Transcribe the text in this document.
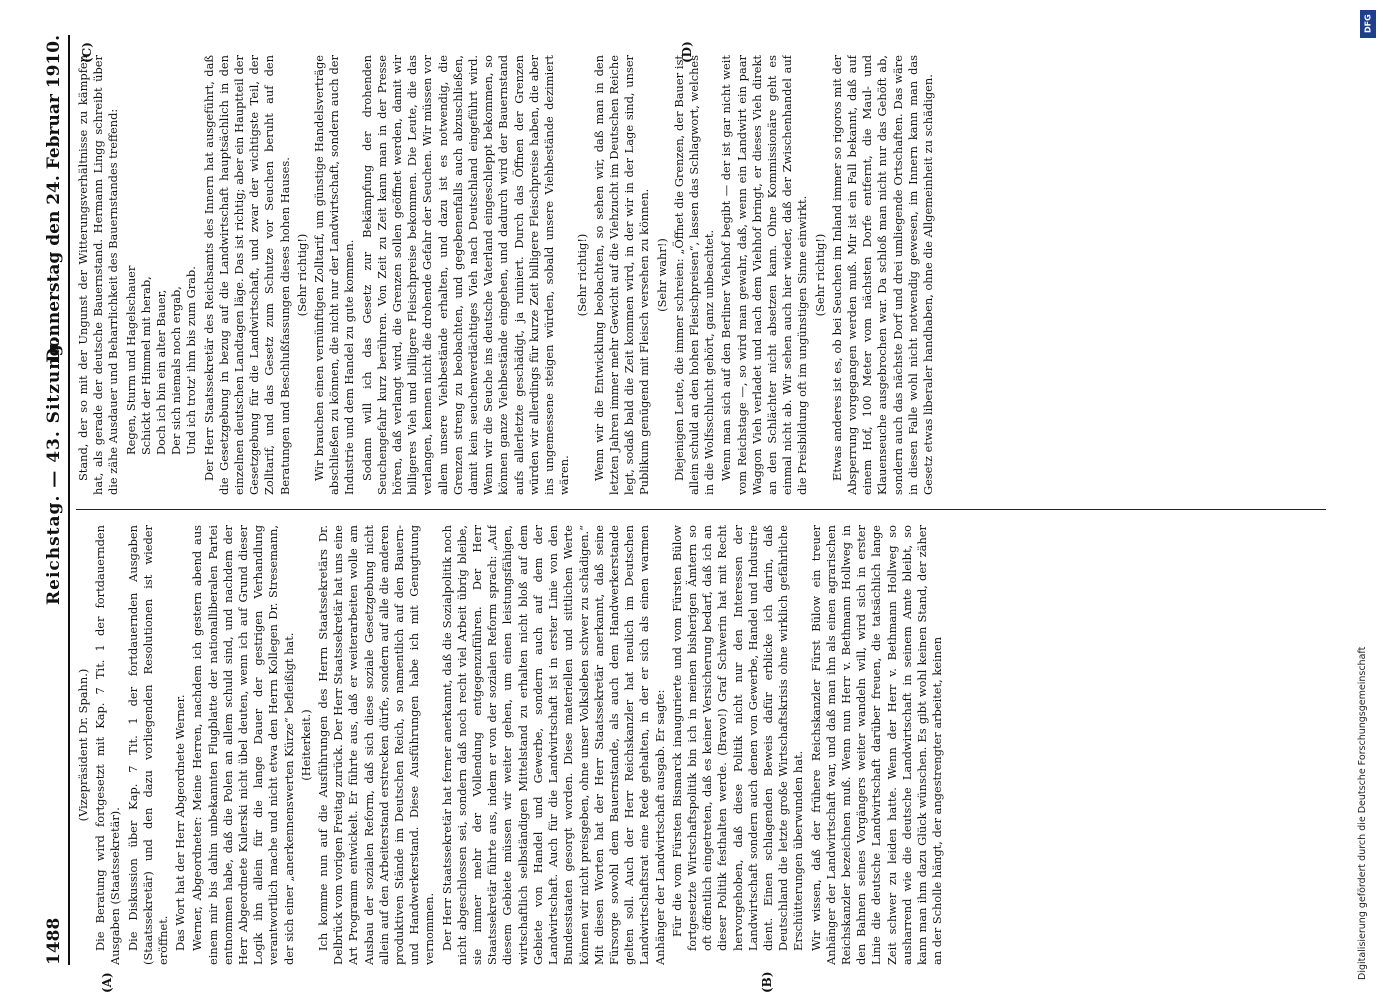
1488
Reichstag. — 43. Sitzung.
Donnerstag den 24. Februar 1910.

(Vizepräsident Dr. Spahn.) Die Beratung wird fortgesetzt mit Kap. 7 Tit. 1 der fortdauernden Ausgaben (Staatssekretär). Die Diskussion über Kap. 7 Tit. 1 der fortdauernden Ausgaben (Staatssekretär) und den dazu vorliegenden Resolutionen ist wieder eröffnet. Das Wort hat der Herr Abgeordnete Werner. Werner, Abgeordneter: Meine Herren, nachdem ich gestern abend aus einem mir bis dahin unbekannten Flugblatte der nationalliberalen Partei entnommen habe, daß die Polen an allem schuld sind, und nachdem der Herr Abgeordnete Kulerski nicht übel deuten, wenn ich auf Grund dieser Logik ihn allein für die lange Dauer der gestrigen Verhandlung verantwortlich mache und nicht etwa den Herrn Kollegen Dr. Stresemann, der sich einer „anerkennenswerten Kürze“ befleißigt hat. (Heiterkeit.) Ich komme nun auf die Ausführungen des Herrn Staatssekretärs Dr. Delbrück vom vorigen Freitag zurück. Der Herr Staatssekretär hat uns eine Art Programm entwickelt. Er führte aus, daß er weiterarbeiten wolle am Ausbau der sozialen Reform, daß sich diese soziale Gesetzgebung nicht allein auf den Arbeiterstand erstrecken dürfe, sondern auf alle die anderen produktiven Stände im Deutschen Reich, so namentlich auf den Bauern- und Handwerkerstand. Diese Ausführungen habe ich mit Genugtuung vernommen. Der Herr Staatssekretär hat ferner anerkannt, daß die Sozialpolitik noch nicht abgeschlossen sei, sondern daß noch recht viel Arbeit übrig bleibe, sie immer mehr der Vollendung entgegenzuführen. Der Herr Staatssekretär führte aus, indem er von der sozialen Reform sprach: „Auf diesem Gebiete müssen wir weiter gehen, um einen leistungsfähigen, wirtschaftlich selbständigen Mittelstand zu erhalten nicht bloß auf dem Gebiete von Handel und Gewerbe, sondern auch auf dem der Landwirtschaft. Auch für die Landwirtschaft ist in erster Linie von den Bundesstaaten gesorgt worden. Diese materiellen und sittlichen Werte können wir nicht preisgeben, ohne unser Volksleben schwer zu schädigen.“ Mit diesen Worten hat der Herr Staatssekretär anerkannt, daß seine Fürsorge sowohl dem Bauernstande, als auch dem Handwerkerstande gelten soll. Auch der Herr Reichskanzler hat neulich im Deutschen Landwirtschaftsrat eine Rede gehalten, in der er sich als einen warmen Anhänger der Landwirtschaft ausgab. Er sagte: Für die vom Fürsten Bismarck inaugurierte und vom Fürsten Bülow fortgesetzte Wirtschaftspolitik bin ich in meinen bisherigen Ämtern so oft öffentlich eingetreten, daß es keiner Versicherung bedarf, daß ich an dieser Politik festhalten werde. (Bravo!) Graf Schwerin hat mit Recht hervorgehoben, daß diese Politik nicht nur den Interessen der Landwirtschaft sondern auch denen von Gewerbe, Handel und Industrie dient. Einen schlagenden Beweis dafür erblicke ich darin, daß Deutschland die letzte große Wirtschaftskrisis ohne wirklich gefährliche Erschütterungen überwunden hat. Wir wissen, daß der frühere Reichskanzler Fürst Bülow ein treuer Anhänger der Landwirtschaft war, und daß man ihn als einen agrarischen Reichskanzler bezeichnen muß. Wenn nun Herr v. Bethmann Hollweg in den Bahnen seines Vorgängers weiter wandeln will, wird sich in erster Linie die deutsche Landwirtschaft darüber freuen, die tatsächlich lange Zeit schwer zu leiden hatte. Wenn der Herr v. Bethmann Hollweg so ausharrend wie die deutsche Landwirtschaft in seinem Amte bleibt, so kann man ihm dazu Glück wünschen. Es gibt wohl keinen Stand, der zäher an der Scholle hängt, der angestrengter arbeitet, keinen

Stand, der so mit der Ungunst der Witterungsverhältnisse zu kämpfen hat, als gerade der deutsche Bauernstand. Hermann Lingg schreibt über die zähe Ausdauer und Beharrlichkeit des Bauernstandes treffend: Regen, Sturm und Hagelschauer Schickt der Himmel mit herab, Doch ich bin ein alter Bauer, Der sich niemals noch ergab, Und ich trotz' ihm bis zum Grab. Der Herr Staatssekretär des Reichsamts des Innern hat ausgeführt, daß die Gesetzgebung in bezug auf die Landwirtschaft hauptsächlich in den einzelnen deutschen Landtagen läge. Das ist richtig; aber ein Hauptteil der Gesetzgebung für die Landwirtschaft, und zwar der wichtigste Teil, der Zolltarif, und das Gesetz zum Schutze vor Seuchen beruht auf den Beratungen und Beschlußfassungen dieses hohen Hauses. (Sehr richtig!) Wir brauchen einen vernünftigen Zolltarif, um günstige Handelsverträge abschließen zu können, die nicht nur der Landwirtschaft, sondern auch der Industrie und dem Handel zu gute kommen. Sodann will ich das Gesetz zur Bekämpfung der drohenden Seuchengefahr kurz berühren. Von Zeit zu Zeit kann man in der Presse hören, daß verlangt wird, die Grenzen sollen geöffnet werden, damit wir billigeres Vieh und billigere Fleischpreise bekommen. Die Leute, die das verlangen, kennen nicht die drohende Gefahr der Seuchen. Wir müssen vor allem unsere Viehbestände erhalten, und dazu ist es notwendig, die Grenzen streng zu beobachten, und gegebenenfalls auch abzuschließen, damit kein seuchenverdächtiges Vieh nach Deutschland eingeführt wird. Wenn wir die Seuche ins deutsche Vaterland eingeschleppt bekommen, so können ganze Viehbestände eingehen, und dadurch wird der Bauernstand aufs allerletzte geschädigt, ja ruiniert. Durch das Öffnen der Grenzen würden wir allerdings für kurze Zeit billigere Fleischpreise haben, die aber ins ungemessene steigen würden, sobald unsere Viehbestände dezimiert wären.

(Sehr richtig!) Wenn wir die Entwicklung beobachten, so sehen wir, daß man in den letzten Jahren immer mehr Gewicht auf die Viehzucht im Deutschen Reiche legt, sodaß bald die Zeit kommen wird, in der wir in der Lage sind, unser Publikum genügend mit Fleisch versehen zu können. (Sehr wahr!) Diejenigen Leute, die immer schreien: „Öffnet die Grenzen, der Bauer ist allein schuld an den hohen Fleischpreisen“, lassen das Schlagwort, welches in die Wolfsschlucht gehört, ganz unbeachtet. Wenn man sich auf den Berliner Viehhof begibt — der ist gar nicht weit vom Reichstage —, so wird man gewahr, daß, wenn ein Landwirt ein paar Waggon Vieh verladet und nach dem Viehhof bringt, er dieses Vieh direkt an den Schlächter nicht absetzen kann. Ohne Kommissionäre geht es einmal nicht ab. Wir sehen auch hier wieder, daß der Zwischenhandel auf die Preisbildung oft im ungünstigen Sinne einwirkt. (Sehr richtig!) Etwas anderes ist es, ob bei Seuchen im Inland immer so rigoros mit der Absperrung vorgegangen werden muß. Mir ist ein Fall bekannt, daß auf einem Hof, 100 Meter vom nächsten Dorfe entfernt, die Maul- und Klauenseuche ausgebrochen war. Da schloß man nicht nur das Gehöft ab, sondern auch das nächste Dorf und drei umliegende Ortschaften. Das wäre in diesen Falle wohl nicht notwendig gewesen, im Innern kann man das Gesetz etwas liberaler handhaben, ohne die Allgemeinheit zu schädigen.

(A)	(B)
(C)	(D)
DFG
Digitalisierung gefördert durch die Deutsche Forschungsgemeinschaft
